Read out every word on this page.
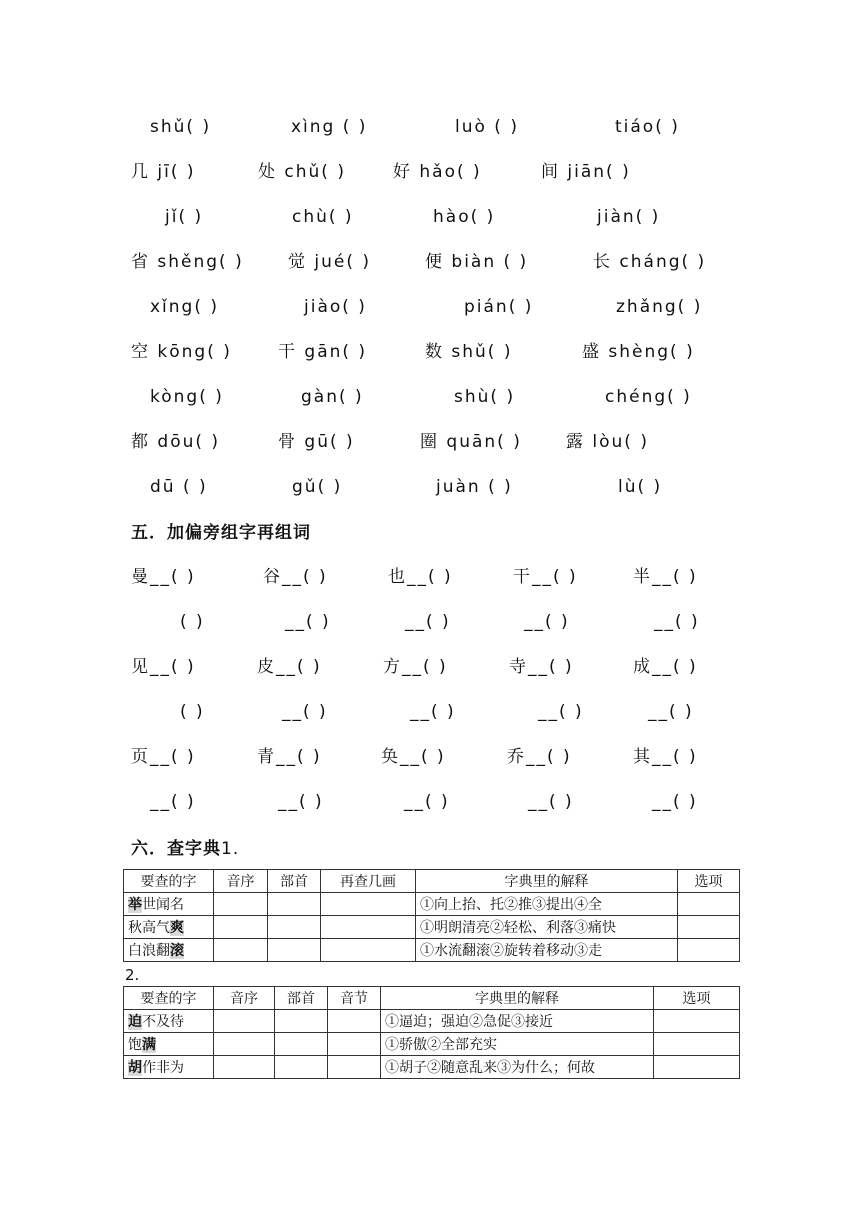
shǔ( )	xìng ( )	luò ( )	tiáo( )
几 jī( )	处 chǔ( )	好 hǎo( )	间 jiān( )
jǐ( )	chù( )	hào( )	jiàn( )
省 shěng( )	觉 jué( )	便 biàn ( )	长 cháng( )
xǐng( )	jiào( )	pián( )	zhǎng( )
空 kōng( )	干 gān( )	数 shǔ( )	盛 shèng( )
kòng( )	gàn( )	shù( )	chéng( )
都 dōu( )	骨 gū( )	圈 quān( )	露 lòu( )
dū ( )	gǔ( )	juàn ( )	lù( )
五．加偏旁组字再组词
曼__( )	谷__( )	也__( )	干__( )	半__( )
( )	__( )	__( )	__( )	__( )
见__( )	皮__( )	方__( )	寺__( )	成__( )
( )	__( )	__( )	__( )	__( )
页__( )	青__( )	奂__( )	乔__( )	其__( )
__( )	__( )	__( )	__( )	__( )
六．查字典1.
要查的字	音序	部首	再查几画	字典里的解释	选项
举世闻名				①向上抬、托②推③提出④全	
秋高气爽				①明朗清亮②轻松、利落③痛快	
白浪翻滚				①水流翻滚②旋转着移动③走	
2.
要查的字	音序	部首	音节	字典里的解释	选项
迫不及待				①逼迫；强迫②急促③接近	
饱满				①骄傲②全部充实	
胡作非为				①胡子②随意乱来③为什么；何故	
